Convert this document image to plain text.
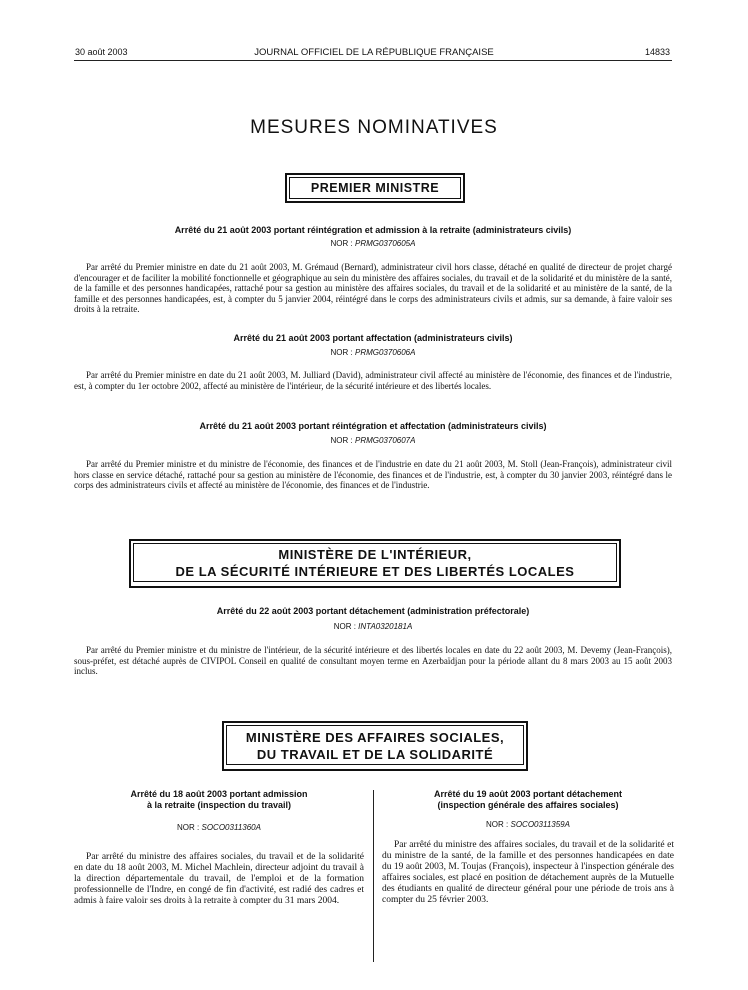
30 août 2003	JOURNAL OFFICIEL DE LA RÉPUBLIQUE FRANÇAISE	14833
MESURES NOMINATIVES
PREMIER MINISTRE
Arrêté du 21 août 2003 portant réintégration et admission à la retraite (administrateurs civils)
NOR : PRMG0370605A
Par arrêté du Premier ministre en date du 21 août 2003, M. Grémaud (Bernard), administrateur civil hors classe, détaché en qualité de directeur de projet chargé d'encourager et de faciliter la mobilité fonctionnelle et géographique au sein du ministère des affaires sociales, du travail et de la solidarité et du ministère de la santé, de la famille et des personnes handicapées, rattaché pour sa gestion au ministère des affaires sociales, du travail et de la solidarité et au ministère de la santé, de la famille et des personnes handicapées, est, à compter du 5 janvier 2004, réintégré dans le corps des administrateurs civils et admis, sur sa demande, à faire valoir ses droits à la retraite.
Arrêté du 21 août 2003 portant affectation (administrateurs civils)
NOR : PRMG0370606A
Par arrêté du Premier ministre en date du 21 août 2003, M. Julliard (David), administrateur civil affecté au ministère de l'économie, des finances et de l'industrie, est, à compter du 1er octobre 2002, affecté au ministère de l'intérieur, de la sécurité intérieure et des libertés locales.
Arrêté du 21 août 2003 portant réintégration et affectation (administrateurs civils)
NOR : PRMG0370607A
Par arrêté du Premier ministre et du ministre de l'économie, des finances et de l'industrie en date du 21 août 2003, M. Stoll (Jean-François), administrateur civil hors classe en service détaché, rattaché pour sa gestion au ministère de l'économie, des finances et de l'industrie, est, à compter du 30 janvier 2003, réintégré dans le corps des administrateurs civils et affecté au ministère de l'économie, des finances et de l'industrie.
MINISTÈRE DE L'INTÉRIEUR,
DE LA SÉCURITÉ INTÉRIEURE ET DES LIBERTÉS LOCALES
Arrêté du 22 août 2003 portant détachement (administration préfectorale)
NOR : INTA0320181A
Par arrêté du Premier ministre et du ministre de l'intérieur, de la sécurité intérieure et des libertés locales en date du 22 août 2003, M. Devemy (Jean-François), sous-préfet, est détaché auprès de CIVIPOL Conseil en qualité de consultant moyen terme en Azerbaïdjan pour la période allant du 8 mars 2003 au 15 août 2003 inclus.
MINISTÈRE DES AFFAIRES SOCIALES,
DU TRAVAIL ET DE LA SOLIDARITÉ
Arrêté du 18 août 2003 portant admission
à la retraite (inspection du travail)
NOR : SOCO0311360A
Par arrêté du ministre des affaires sociales, du travail et de la solidarité en date du 18 août 2003, M. Michel Machlein, directeur adjoint du travail à la direction départementale du travail, de l'emploi et de la formation professionnelle de l'Indre, en congé de fin d'activité, est radié des cadres et admis à faire valoir ses droits à la retraite à compter du 31 mars 2004.
Arrêté du 19 août 2003 portant détachement
(inspection générale des affaires sociales)
NOR : SOCO0311359A
Par arrêté du ministre des affaires sociales, du travail et de la solidarité et du ministre de la santé, de la famille et des personnes handicapées en date du 19 août 2003, M. Toujas (François), inspecteur à l'inspection générale des affaires sociales, est placé en position de détachement auprès de la Mutuelle des étudiants en qualité de directeur général pour une période de trois ans à compter du 25 février 2003.
